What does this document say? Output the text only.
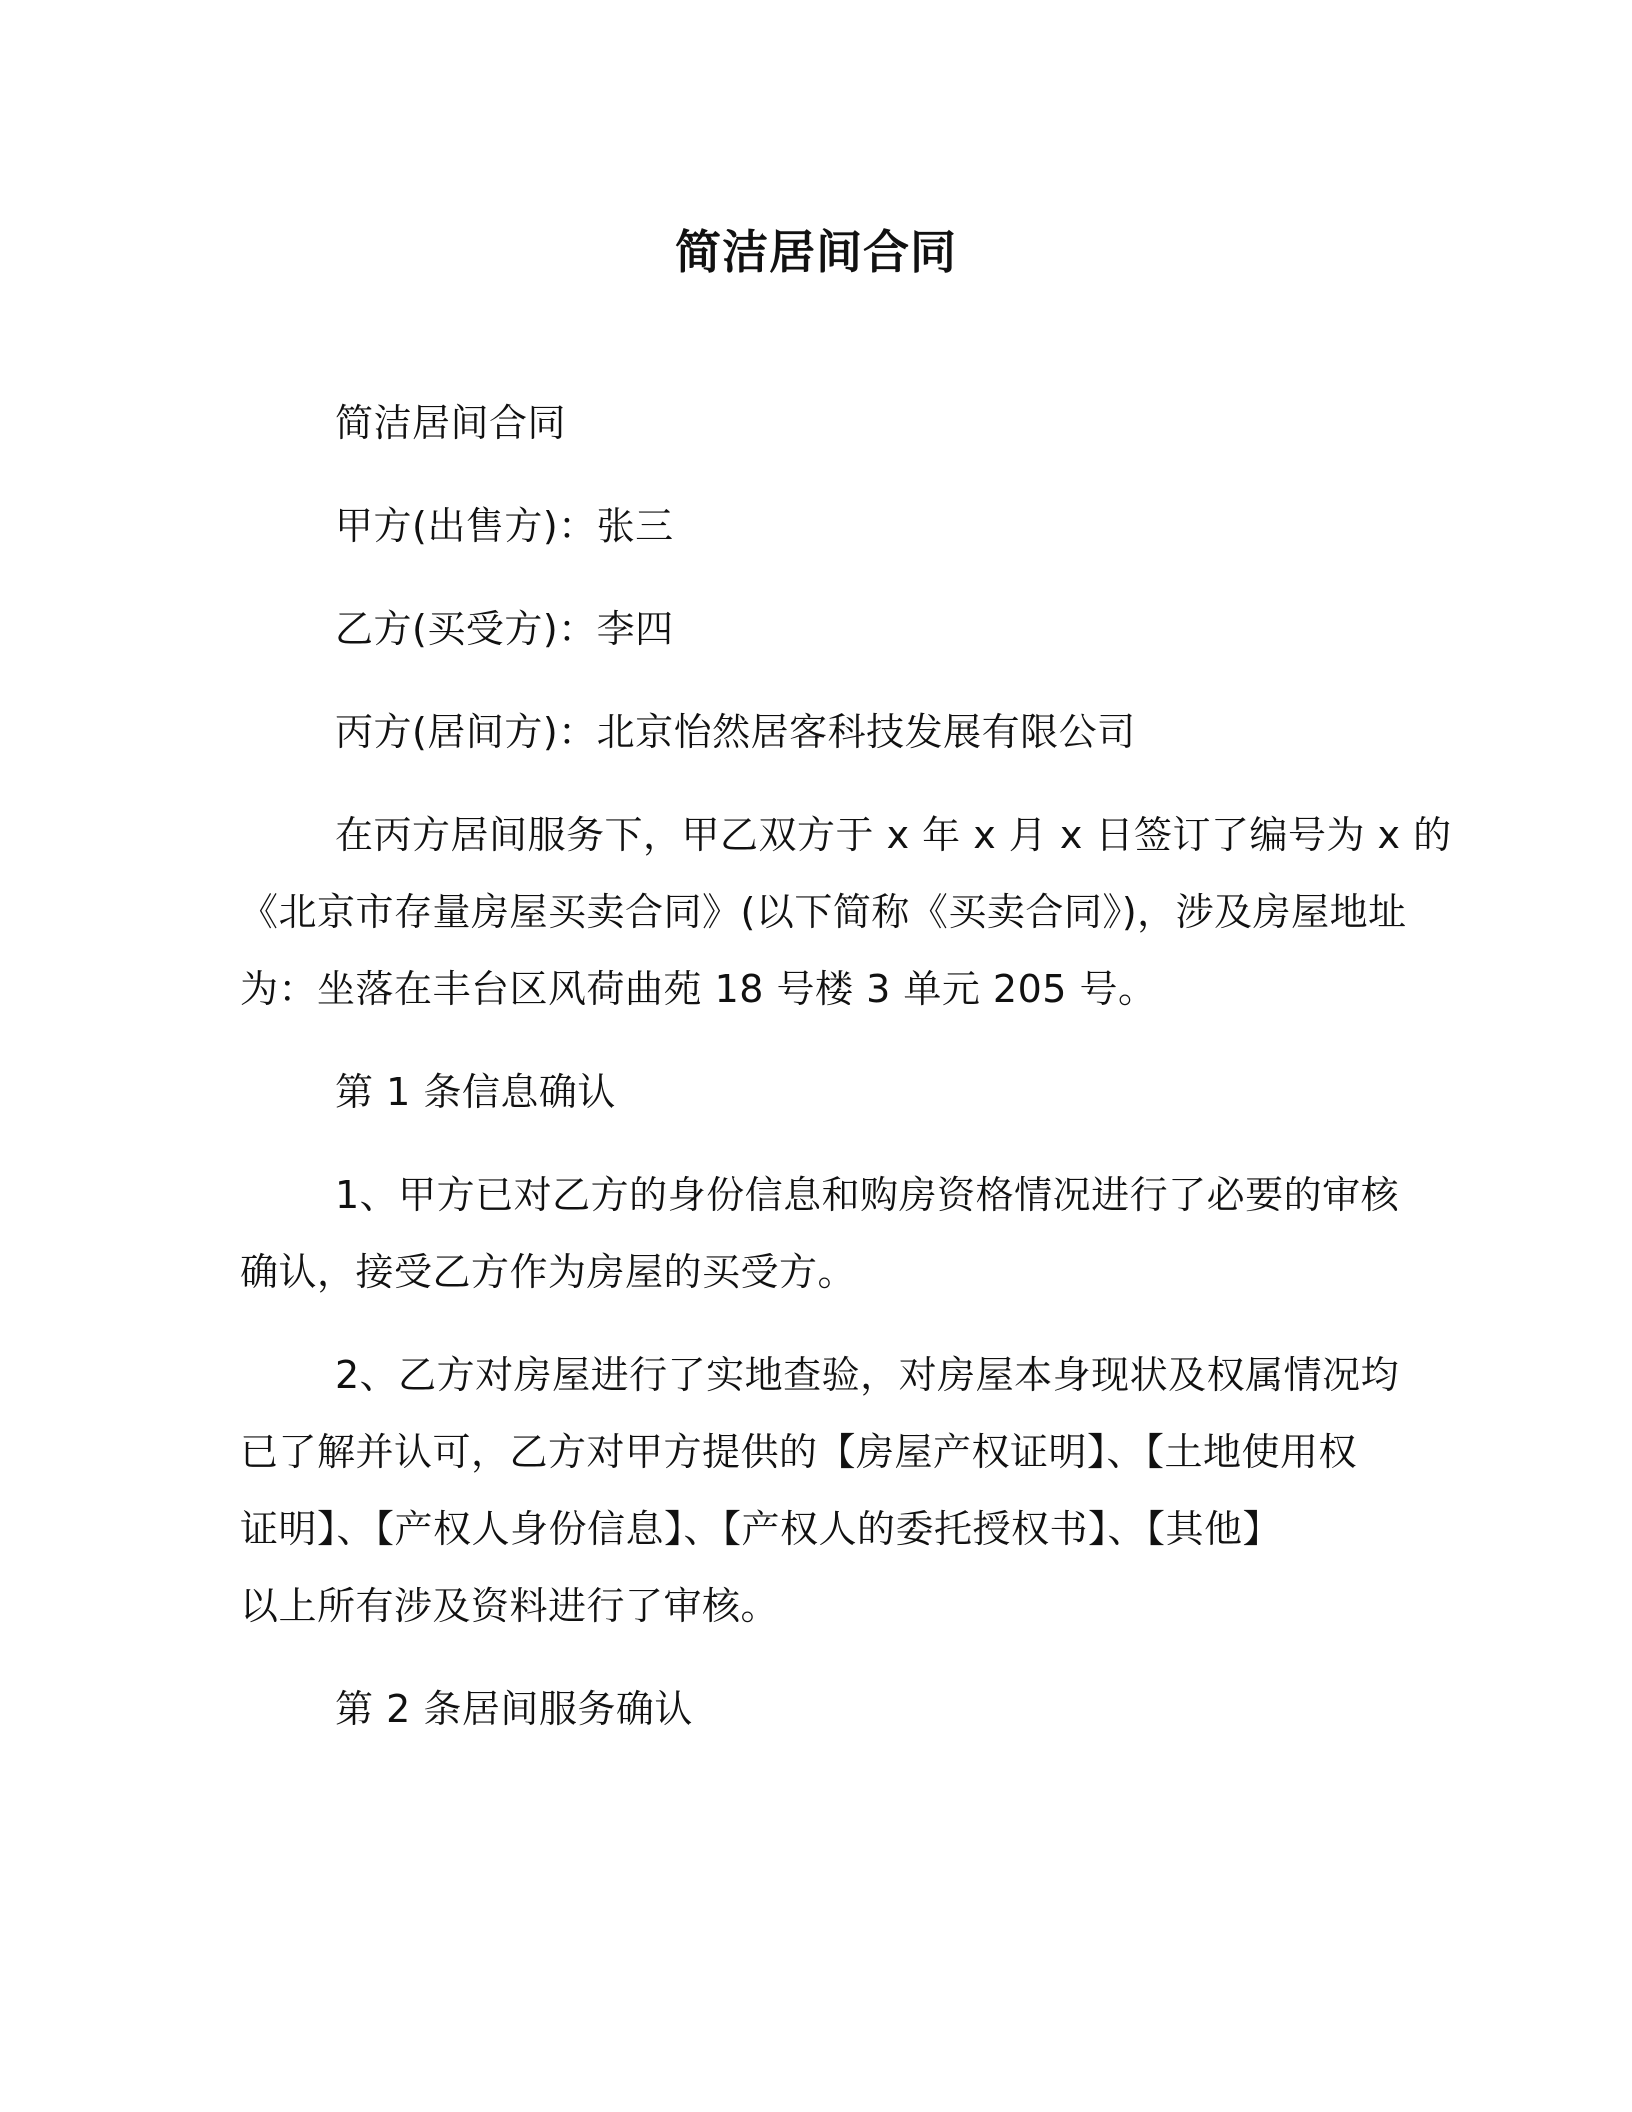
简洁居间合同
简洁居间合同
甲方(出售方)：张三
乙方(买受方)：李四
丙方(居间方)：北京怡然居客科技发展有限公司
在丙方居间服务下，甲乙双方于 x 年 x 月 x 日签订了编号为 x 的
《北京市存量房屋买卖合同》(以下简称《买卖合同》)，涉及房屋地址
为：坐落在丰台区风荷曲苑 18 号楼 3 单元 205 号。
第 1 条信息确认
1、甲方已对乙方的身份信息和购房资格情况进行了必要的审核
确认，接受乙方作为房屋的买受方。
2、乙方对房屋进行了实地查验，对房屋本身现状及权属情况均
已了解并认可，乙方对甲方提供的【房屋产权证明】、【土地使用权
证明】、【产权人身份信息】、【产权人的委托授权书】、【其他】
以上所有涉及资料进行了审核。
第 2 条居间服务确认
